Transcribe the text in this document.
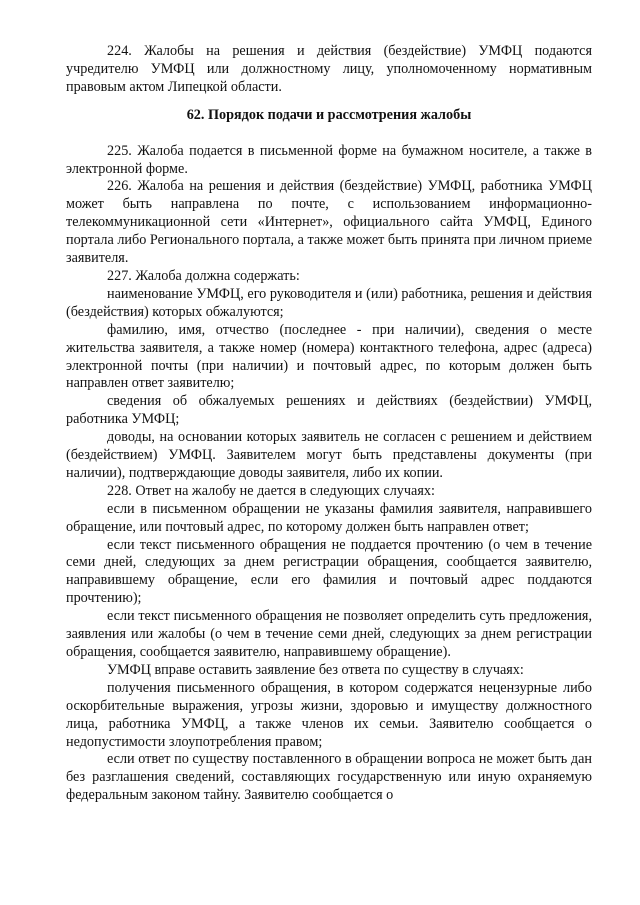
224. Жалобы на решения и действия (бездействие) УМФЦ подаются учредителю УМФЦ или должностному лицу, уполномоченному нормативным правовым актом Липецкой области.

62. Порядок подачи и рассмотрения жалобы

225. Жалоба подается в письменной форме на бумажном носителе, а также в электронной форме.

226. Жалоба на решения и действия (бездействие) УМФЦ, работника УМФЦ может быть направлена по почте, с использованием информационно-телекоммуникационной сети «Интернет», официального сайта УМФЦ, Единого портала либо Регионального портала, а также может быть принята при личном приеме заявителя.

227. Жалоба должна содержать:

наименование УМФЦ, его руководителя и (или) работника, решения и действия (бездействия) которых обжалуются;

фамилию, имя, отчество (последнее - при наличии), сведения о месте жительства заявителя, а также номер (номера) контактного телефона, адрес (адреса) электронной почты (при наличии) и почтовый адрес, по которым должен быть направлен ответ заявителю;

сведения об обжалуемых решениях и действиях (бездействии) УМФЦ, работника УМФЦ;

доводы, на основании которых заявитель не согласен с решением и действием (бездействием) УМФЦ. Заявителем могут быть представлены документы (при наличии), подтверждающие доводы заявителя, либо их копии.

228. Ответ на жалобу не дается в следующих случаях:

если в письменном обращении не указаны фамилия заявителя, направившего обращение, или почтовый адрес, по которому должен быть направлен ответ;

если текст письменного обращения не поддается прочтению (о чем в течение семи дней, следующих за днем регистрации обращения, сообщается заявителю, направившему обращение, если его фамилия и почтовый адрес поддаются прочтению);

если текст письменного обращения не позволяет определить суть предложения, заявления или жалобы (о чем в течение семи дней, следующих за днем регистрации обращения, сообщается заявителю, направившему обращение).

УМФЦ вправе оставить заявление без ответа по существу в случаях:

получения письменного обращения, в котором содержатся нецензурные либо оскорбительные выражения, угрозы жизни, здоровью и имуществу должностного лица, работника УМФЦ, а также членов их семьи. Заявителю сообщается о недопустимости злоупотребления правом;

если ответ по существу поставленного в обращении вопроса не может быть дан без разглашения сведений, составляющих государственную или иную охраняемую федеральным законом тайну. Заявителю сообщается о
